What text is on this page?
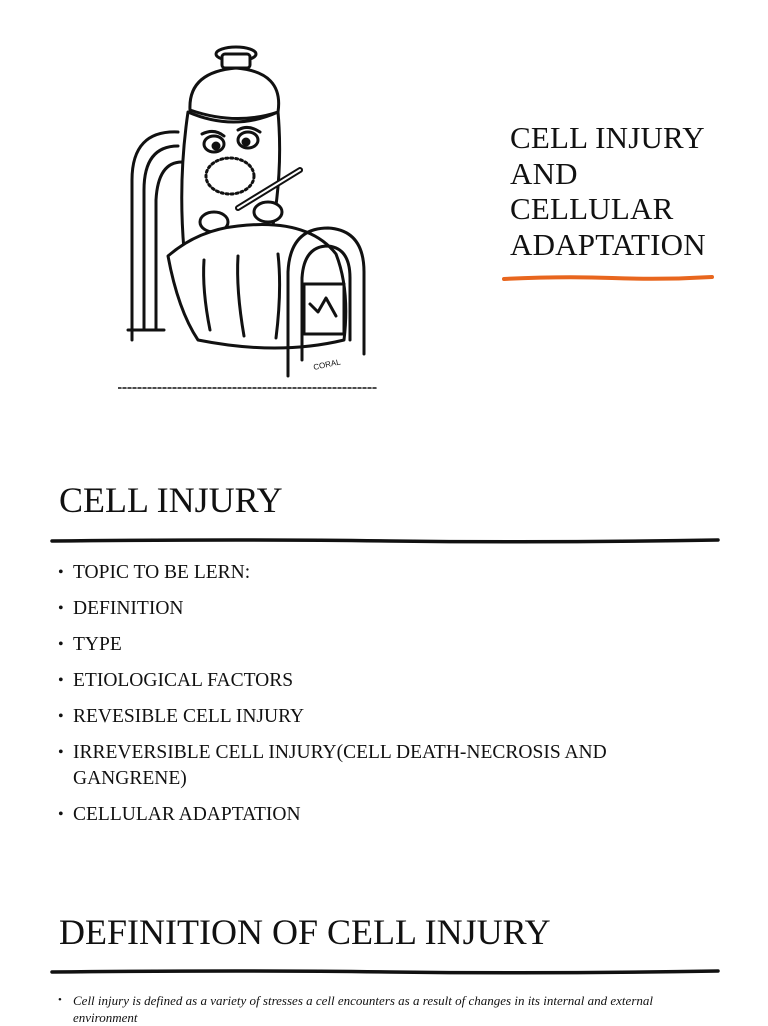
CORAL
CELL INJURY
AND
CELLULAR
ADAPTATION
CELL INJURY
• TOPIC TO BE LERN:
• DEFINITION
• TYPE
• ETIOLOGICAL FACTORS
• REVESIBLE CELL INJURY
• IRREVERSIBLE CELL INJURY(CELL DEATH-NECROSIS AND GANGRENE)
• CELLULAR ADAPTATION
DEFINITION OF CELL INJURY
• Cell injury is defined as a variety of stresses a cell encounters as a result of changes in its internal and external environment
